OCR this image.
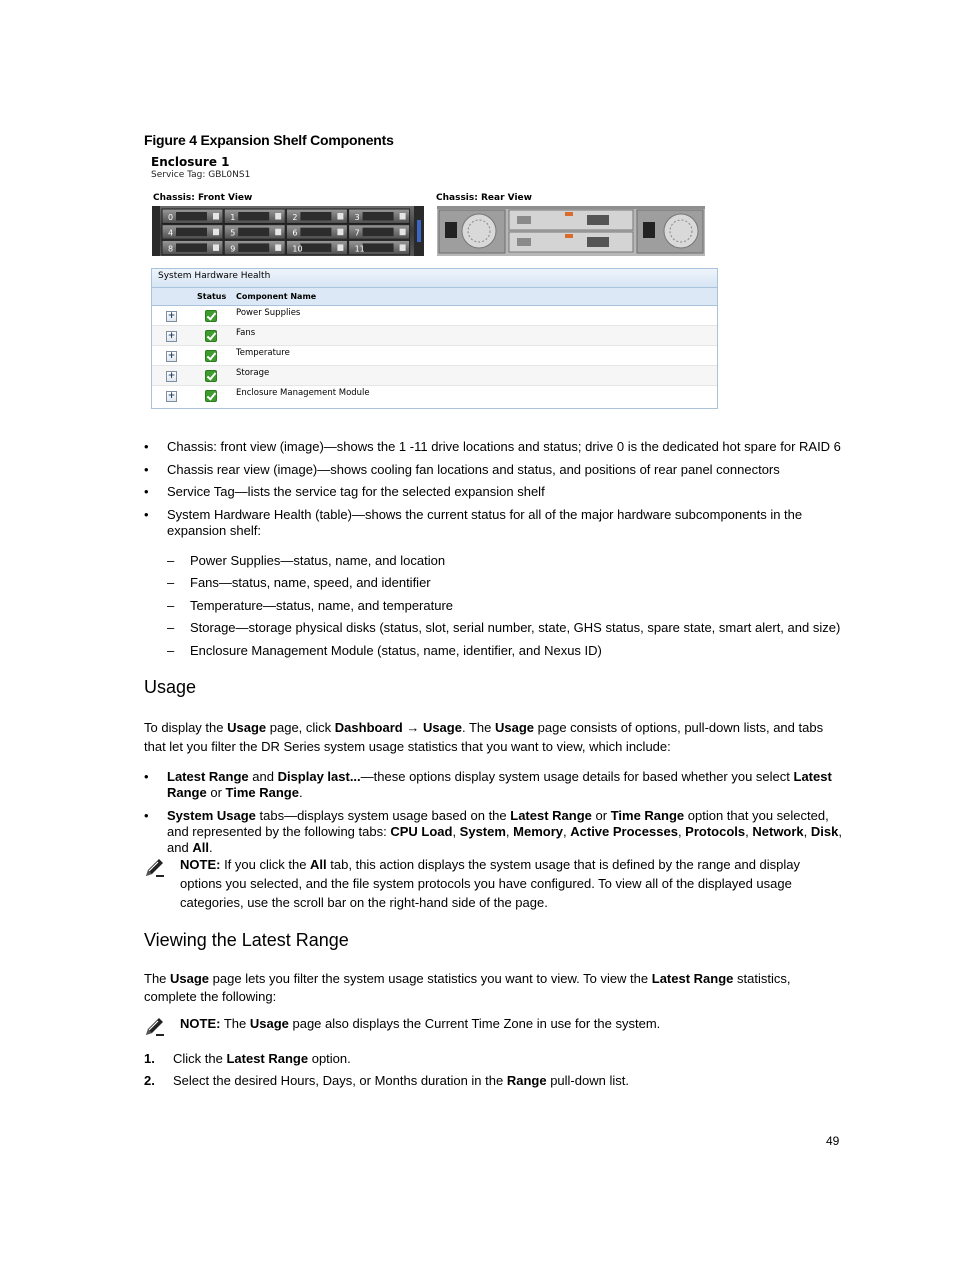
Figure 4 Expansion Shelf Components
Enclosure 1
Service Tag: GBL0NS1
Chassis: Front View	Chassis: Rear View
0	1	2	3
4	5	6	7
8	9	10	11
System Hardware Health
Status Component Name
+	Power Supplies
+	Fans
+	Temperature
+	Storage
+	Enclosure Management Module
• Chassis: front view (image)—shows the 1 -11 drive locations and status; drive 0 is the dedicated hot spare for RAID 6
• Chassis rear view (image)—shows cooling fan locations and status, and positions of rear panel connectors
• Service Tag—lists the service tag for the selected expansion shelf
• System Hardware Health (table)—shows the current status for all of the major hardware subcomponents in the expansion shelf:
– Power Supplies—status, name, and location
– Fans—status, name, speed, and identifier
– Temperature—status, name, and temperature
– Storage—storage physical disks (status, slot, serial number, state, GHS status, spare state, smart alert, and size)
– Enclosure Management Module (status, name, identifier, and Nexus ID)
Usage
To display the Usage page, click Dashboard → Usage. The Usage page consists of options, pull-down lists, and tabs that let you filter the DR Series system usage statistics that you want to view, which include:
• Latest Range and Display last...—these options display system usage details for based whether you select Latest Range or Time Range.
• System Usage tabs—displays system usage based on the Latest Range or Time Range option that you selected, and represented by the following tabs: CPU Load, System, Memory, Active Processes, Protocols, Network, Disk, and All.
NOTE: If you click the All tab, this action displays the system usage that is defined by the range and display options you selected, and the file system protocols you have configured. To view all of the displayed usage categories, use the scroll bar on the right-hand side of the page.
Viewing the Latest Range
The Usage page lets you filter the system usage statistics you want to view. To view the Latest Range statistics, complete the following:
NOTE: The Usage page also displays the Current Time Zone in use for the system.
1. Click the Latest Range option.
2. Select the desired Hours, Days, or Months duration in the Range pull-down list.
49
